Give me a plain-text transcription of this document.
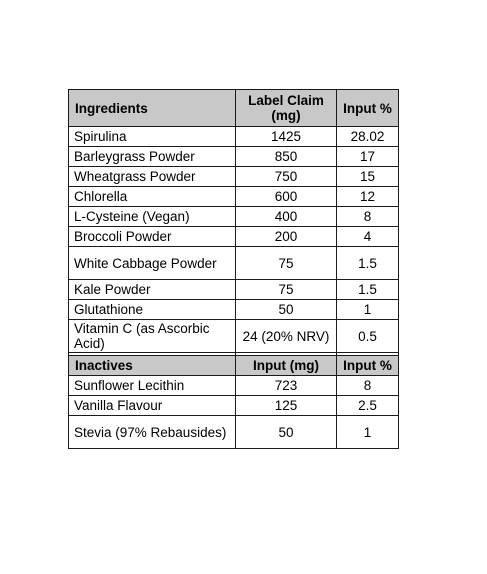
Ingredients	Label Claim (mg)	Input %
Spirulina	1425	28.02
Barleygrass Powder	850	17
Wheatgrass Powder	750	15
Chlorella	600	12
L-Cysteine (Vegan)	400	8
Broccoli Powder	200	4
White Cabbage Powder	75	1.5
Kale Powder	75	1.5
Glutathione	50	1
Vitamin C (as Ascorbic Acid)	24 (20% NRV)	0.5

Inactives	Input (mg)	Input %
Sunflower Lecithin	723	8
Vanilla Flavour	125	2.5
Stevia (97% Rebausides)	50	1
